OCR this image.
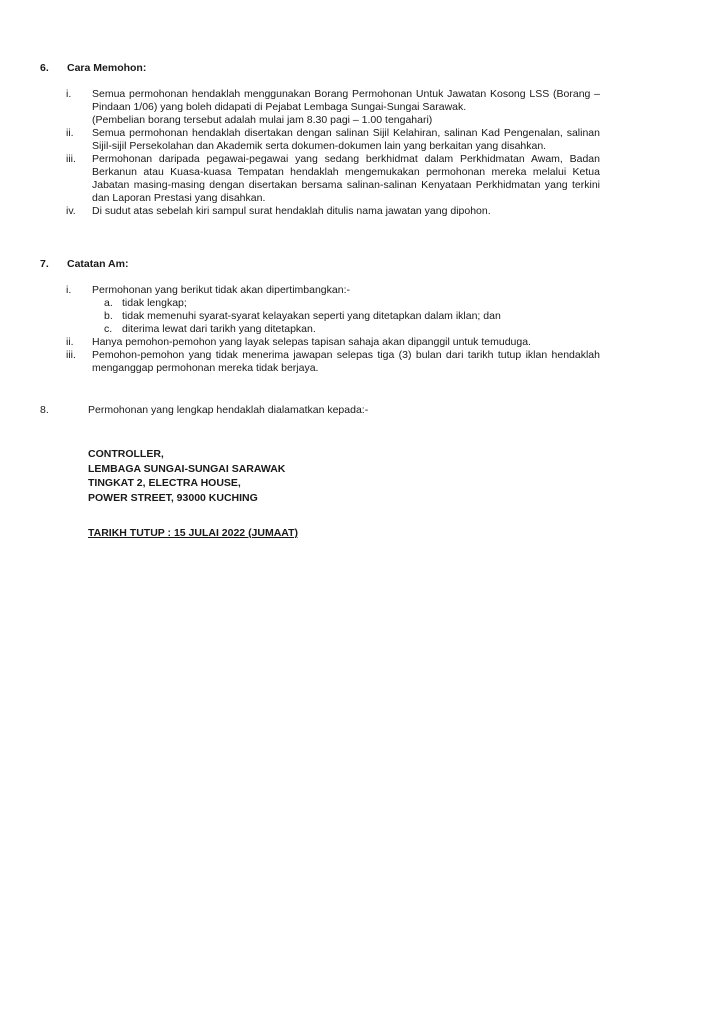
6. Cara Memohon:
i. Semua permohonan hendaklah menggunakan Borang Permohonan Untuk Jawatan Kosong LSS (Borang – Pindaan 1/06) yang boleh didapati di Pejabat Lembaga Sungai-Sungai Sarawak.
(Pembelian borang tersebut adalah mulai jam 8.30 pagi – 1.00 tengahari)
ii. Semua permohonan hendaklah disertakan dengan salinan Sijil Kelahiran, salinan Kad Pengenalan, salinan Sijil-sijil Persekolahan dan Akademik serta dokumen-dokumen lain yang berkaitan yang disahkan.
iii. Permohonan daripada pegawai-pegawai yang sedang berkhidmat dalam Perkhidmatan Awam, Badan Berkanun atau Kuasa-kuasa Tempatan hendaklah mengemukakan permohonan mereka melalui Ketua Jabatan masing-masing dengan disertakan bersama salinan-salinan Kenyataan Perkhidmatan yang terkini dan Laporan Prestasi yang disahkan.
iv. Di sudut atas sebelah kiri sampul surat hendaklah ditulis nama jawatan yang dipohon.
7. Catatan Am:
i. Permohonan yang berikut tidak akan dipertimbangkan:-
a. tidak lengkap;
b. tidak memenuhi syarat-syarat kelayakan seperti yang ditetapkan dalam iklan; dan
c. diterima lewat dari tarikh yang ditetapkan.
ii. Hanya pemohon-pemohon yang layak selepas tapisan sahaja akan dipanggil untuk temuduga.
iii. Pemohon-pemohon yang tidak menerima jawapan selepas tiga (3) bulan dari tarikh tutup iklan hendaklah menganggap permohonan mereka tidak berjaya.
8.	Permohonan yang lengkap hendaklah dialamatkan kepada:-
CONTROLLER,
LEMBAGA SUNGAI-SUNGAI SARAWAK
TINGKAT 2, ELECTRA HOUSE,
POWER STREET, 93000 KUCHING
TARIKH TUTUP : 15 JULAI 2022 (JUMAAT)
